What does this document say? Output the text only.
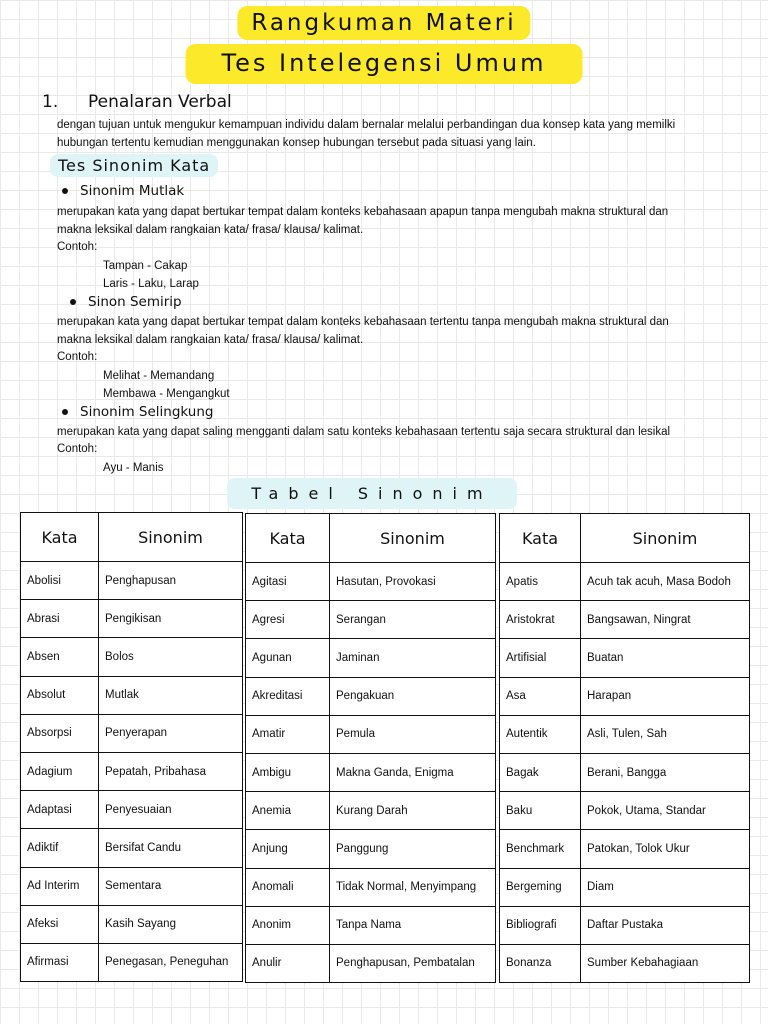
Rangkuman Materi
Tes Intelegensi Umum
1. Penalaran Verbal
dengan tujuan untuk mengukur kemampuan individu dalam bernalar melalui perbandingan dua konsep kata yang memilki
hubungan tertentu kemudian menggunakan konsep hubungan tersebut pada situasi yang lain.
Tes Sinonim Kata
Sinonim Mutlak
merupakan kata yang dapat bertukar tempat dalam konteks kebahasaan apapun tanpa mengubah makna struktural dan
makna leksikal dalam rangkaian kata/ frasa/ klausa/ kalimat.
Contoh:
Tampan - Cakap
Laris - Laku, Larap
Sinon Semirip
merupakan kata yang dapat bertukar tempat dalam konteks kebahasaan tertentu tanpa mengubah makna struktural dan
makna leksikal dalam rangkaian kata/ frasa/ klausa/ kalimat.
Contoh:
Melihat - Memandang
Membawa - Mengangkut
Sinonim Selingkung
merupakan kata yang dapat saling mengganti dalam satu konteks kebahasaan tertentu saja secara struktural dan lesikal
Contoh:
Ayu - Manis
Tabel Sinonim
Kata	Sinonim
Abolisi	Penghapusan
Abrasi	Pengikisan
Absen	Bolos
Absolut	Mutlak
Absorpsi	Penyerapan
Adagium	Pepatah, Pribahasa
Adaptasi	Penyesuaian
Adiktif	Bersifat Candu
Ad Interim	Sementara
Afeksi	Kasih Sayang
Afirmasi	Penegasan, Peneguhan
Kata	Sinonim
Agitasi	Hasutan, Provokasi
Agresi	Serangan
Agunan	Jaminan
Akreditasi	Pengakuan
Amatir	Pemula
Ambigu	Makna Ganda, Enigma
Anemia	Kurang Darah
Anjung	Panggung
Anomali	Tidak Normal, Menyimpang
Anonim	Tanpa Nama
Anulir	Penghapusan, Pembatalan
Kata	Sinonim
Apatis	Acuh tak acuh, Masa Bodoh
Aristokrat	Bangsawan, Ningrat
Artifisial	Buatan
Asa	Harapan
Autentik	Asli, Tulen, Sah
Bagak	Berani, Bangga
Baku	Pokok, Utama, Standar
Benchmark	Patokan, Tolok Ukur
Bergeming	Diam
Bibliografi	Daftar Pustaka
Bonanza	Sumber Kebahagiaan
